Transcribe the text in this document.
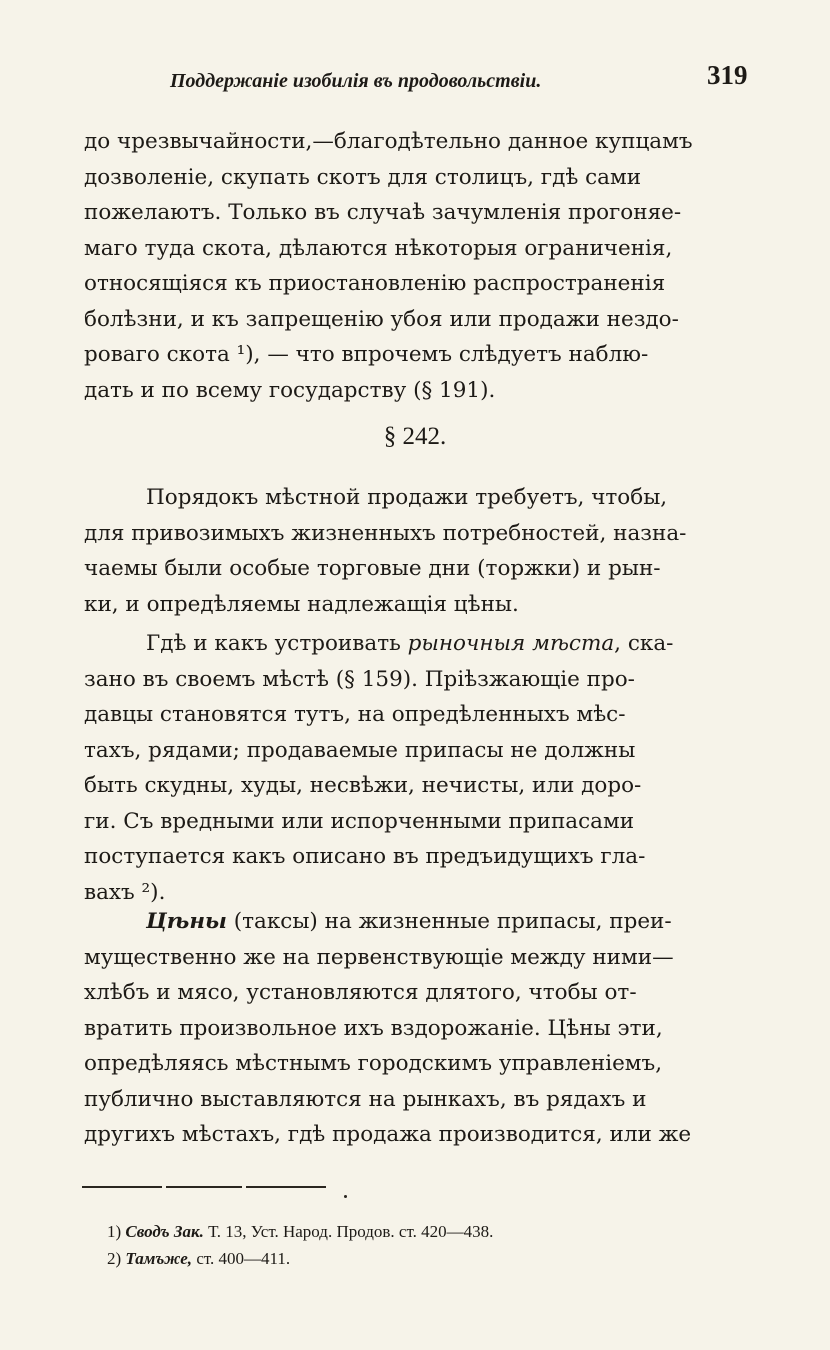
Поддержаніе изобилія въ продовольствіи.	319
до чрезвычайности,—благодѣтельно данное купцамъ
дозволеніе, скупать скотъ для столицъ, гдѣ сами
пожелаютъ. Только въ случаѣ зачумленія прогоняе-
маго туда скота, дѣлаются нѣкоторыя ограниченія,
относящіяся къ приостановленію распространенія
болѣзни, и къ запрещенію убоя или продажи нездо-
роваго скота ¹), — что впрочемъ слѣдуетъ наблю-
дать и по всему государству (§ 191).
§ 242.
Порядокъ мѣстной продажи требуетъ, чтобы,
для привозимыхъ жизненныхъ потребностей, назна-
чаемы были особые торговые дни (торжки) и рын-
ки, и опредѣляемы надлежащія цѣны.
Гдѣ и какъ устроивать рыночныя мѣста, ска-
зано въ своемъ мѣстѣ (§ 159). Пріѣзжающіе про-
давцы становятся тутъ, на опредѣленныхъ мѣс-
тахъ, рядами; продаваемые припасы не должны
быть скудны, худы, несвѣжи, нечисты, или доро-
ги. Съ вредными или испорченными припасами
поступается какъ описано въ предъидущихъ гла-
вахъ ²).
Цѣны (таксы) на жизненные припасы, преи-
мущественно же на первенствующіе между ними—
хлѣбъ и мясо, установляются длятого, чтобы от-
вратить произвольное ихъ вздорожаніе. Цѣны эти,
опредѣляясь мѣстнымъ городскимъ управленіемъ,
публично выставляются на рынкахъ, въ рядахъ и
другихъ мѣстахъ, гдѣ продажа производится, или же
1) Сводъ Зак. Т. 13, Уст. Народ. Продов. ст. 420—438.
2) Тамъже, ст. 400—411.
